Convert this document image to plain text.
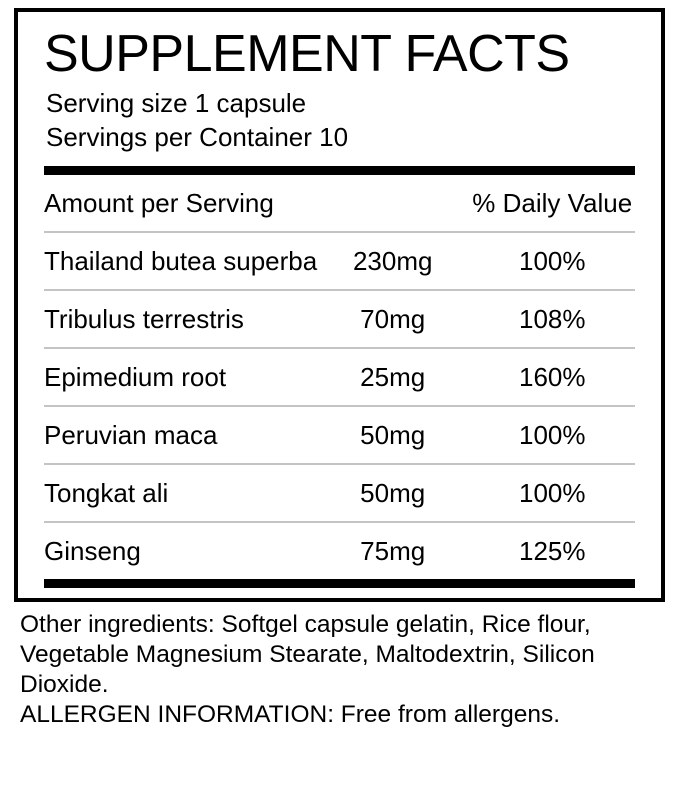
SUPPLEMENT FACTS
Serving size 1 capsule
Servings per Container 10
Amount per Serving		% Daily Value

Thailand butea superba	230mg	100%

Tribulus terrestris	70mg	108%

Epimedium root	25mg	160%

Peruvian maca	50mg	100%

Tongkat ali	50mg	100%

Ginseng	75mg	125%

Other ingredients: Softgel capsule gelatin, Rice flour, Vegetable Magnesium Stearate, Maltodextrin, Silicon Dioxide.

ALLERGEN INFORMATION: Free from allergens.
